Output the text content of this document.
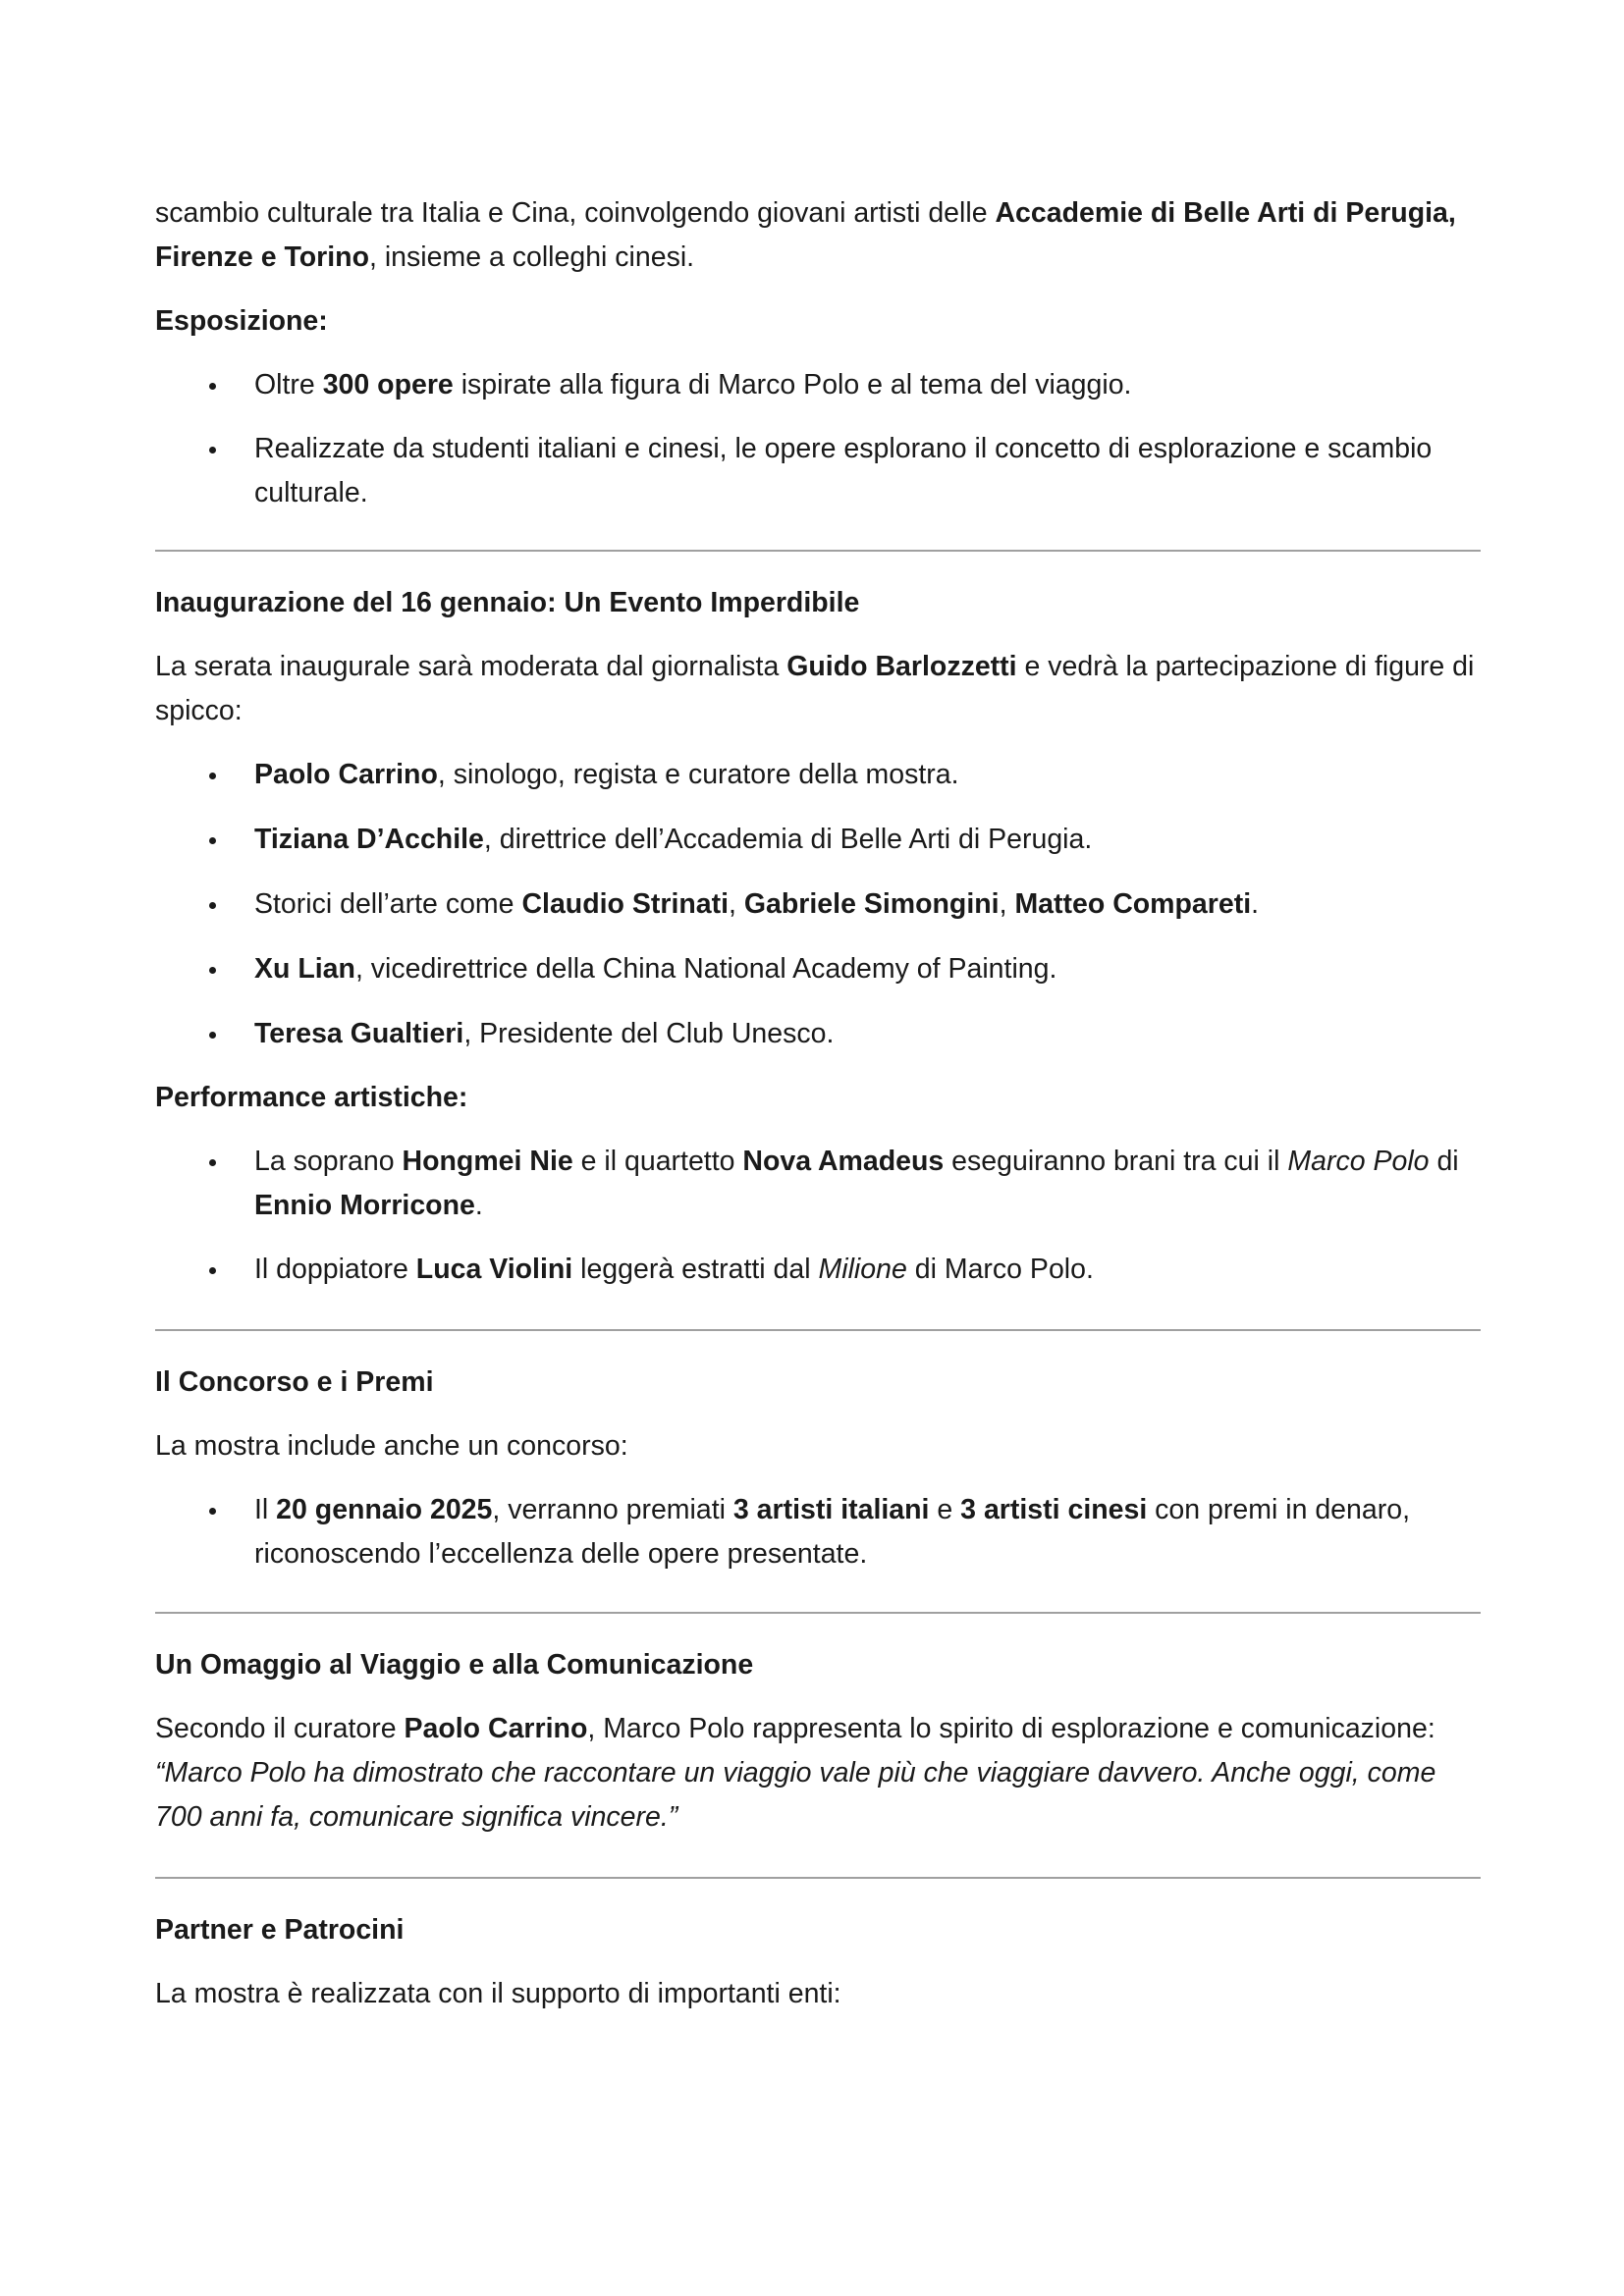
scambio culturale tra Italia e Cina, coinvolgendo giovani artisti delle Accademie di Belle Arti di Perugia, Firenze e Torino, insieme a colleghi cinesi.

Esposizione:

Oltre 300 opere ispirate alla figura di Marco Polo e al tema del viaggio.
Realizzate da studenti italiani e cinesi, le opere esplorano il concetto di esplorazione e scambio culturale.

Inaugurazione del 16 gennaio: Un Evento Imperdibile

La serata inaugurale sarà moderata dal giornalista Guido Barlozzetti e vedrà la partecipazione di figure di spicco:

Paolo Carrino, sinologo, regista e curatore della mostra.
Tiziana D’Acchile, direttrice dell’Accademia di Belle Arti di Perugia.
Storici dell’arte come Claudio Strinati, Gabriele Simongini, Matteo Compareti.
Xu Lian, vicedirettrice della China National Academy of Painting.
Teresa Gualtieri, Presidente del Club Unesco.

Performance artistiche:

La soprano Hongmei Nie e il quartetto Nova Amadeus eseguiranno brani tra cui il Marco Polo di Ennio Morricone.
Il doppiatore Luca Violini leggerà estratti dal Milione di Marco Polo.

Il Concorso e i Premi

La mostra include anche un concorso:

Il 20 gennaio 2025, verranno premiati 3 artisti italiani e 3 artisti cinesi con premi in denaro, riconoscendo l’eccellenza delle opere presentate.

Un Omaggio al Viaggio e alla Comunicazione

Secondo il curatore Paolo Carrino, Marco Polo rappresenta lo spirito di esplorazione e comunicazione:
“Marco Polo ha dimostrato che raccontare un viaggio vale più che viaggiare davvero. Anche oggi, come 700 anni fa, comunicare significa vincere.”

Partner e Patrocini

La mostra è realizzata con il supporto di importanti enti:
